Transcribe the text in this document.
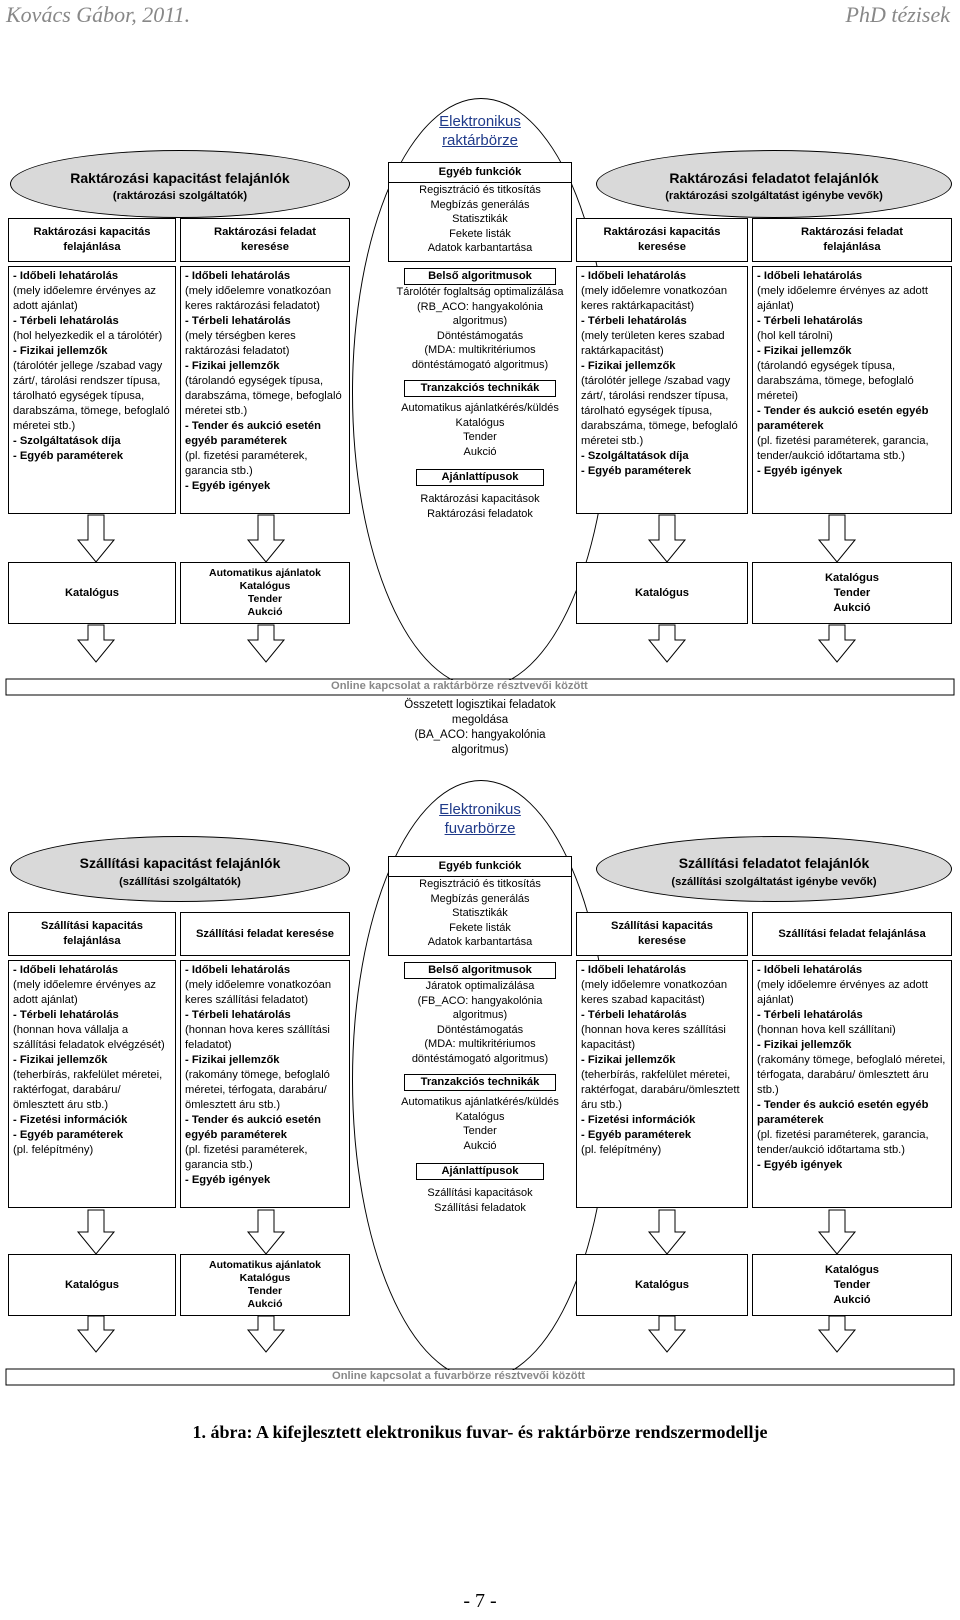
Kovács Gábor, 2011.	PhD tézisek
Elektronikus
raktárbörze
Raktározási kapacitást felajánlók
(raktározási szolgáltatók)
Raktározási feladatot felajánlók
(raktározási szolgáltatást igénybe vevők)
Raktározási kapacitás
felajánlása
Raktározási feladat
keresése
Raktározási kapacitás
keresése
Raktározási feladat
felajánlása
Egyéb funkciók
Regisztráció és titkosítás
Megbízás generálás
Statisztikák
Fekete listák
Adatok karbantartása
- Időbeli lehatárolás
(mely időelemre érvényes az adott ajánlat)
- Térbeli lehatárolás
(hol helyezkedik el a tárolótér)
- Fizikai jellemzők
(tárolótér jellege /szabad vagy zárt/, tárolási rendszer típusa, tárolható egységek típusa, darabszáma, tömege, befoglaló méretei stb.)
- Szolgáltatások díja
- Egyéb paraméterek
- Időbeli lehatárolás
(mely időelemre vonatkozóan keres raktározási feladatot)
- Térbeli lehatárolás
(mely térségben keres raktározási feladatot)
- Fizikai jellemzők
(tárolandó egységek típusa, darabszáma, tömege, befoglaló méretei stb.)
- Tender és aukció esetén egyéb paraméterek
(pl. fizetési paraméterek, garancia stb.)
- Egyéb igények
- Időbeli lehatárolás
(mely időelemre vonatkozóan keres raktárkapacitást)
- Térbeli lehatárolás
(mely területen keres szabad raktárkapacitást)
- Fizikai jellemzők
(tárolótér jellege /szabad vagy zárt/, tárolási rendszer típusa, tárolható egységek típusa, darabszáma, tömege, befoglaló méretei stb.)
- Szolgáltatások díja
- Egyéb paraméterek
- Időbeli lehatárolás
(mely időelemre érvényes az adott ajánlat)
- Térbeli lehatárolás
(hol kell tárolni)
- Fizikai jellemzők
(tárolandó egységek típusa, darabszáma, tömege, befoglaló méretei)
- Tender és aukció esetén egyéb paraméterek
(pl. fizetési paraméterek, garancia, tender/aukció időtartama stb.)
- Egyéb igények
Belső algoritmusok
Tárolótér foglaltság optimalizálása
(RB_ACO: hangyakolónia
algoritmus)
Döntéstámogatás
(MDA: multikritériumos
döntéstámogató algoritmus)
Tranzakciós technikák
Automatikus ajánlatkérés/küldés
Katalógus
Tender
Aukció
Ajánlattípusok
Raktározási kapacitások
Raktározási feladatok
Katalógus
Automatikus ajánlatok
Katalógus
Tender
Aukció
Katalógus
Katalógus
Tender
Aukció
Online kapcsolat a raktárbörze résztvevői között
Összetett logisztikai feladatok
megoldása
(BA_ACO: hangyakolónia
algoritmus)
Elektronikus
fuvarbörze
Szállítási kapacitást felajánlók
(szállítási szolgáltatók)
Szállítási feladatot felajánlók
(szállítási szolgáltatást igénybe vevők)
Szállítási kapacitás
felajánlása
Szállítási feladat keresése
Szállítási kapacitás
keresése
Szállítási feladat felajánlása
Egyéb funkciók
Regisztráció és titkosítás
Megbízás generálás
Statisztikák
Fekete listák
Adatok karbantartása
- Időbeli lehatárolás
(mely időelemre érvényes az adott ajánlat)
- Térbeli lehatárolás
(honnan hova vállalja a szállítási feladatok elvégzését)
- Fizikai jellemzők
(teherbírás, rakfelület méretei, raktérfogat, darabáru/ömlesztett áru stb.)
- Fizetési információk
- Egyéb paraméterek
(pl. felépítmény)
- Időbeli lehatárolás
(mely időelemre vonatkozóan keres szállítási feladatot)
- Térbeli lehatárolás
(honnan hova keres szállítási feladatot)
- Fizikai jellemzők
(rakomány tömege, befoglaló méretei, térfogata, darabáru/ ömlesztett áru stb.)
- Tender és aukció esetén egyéb paraméterek
(pl. fizetési paraméterek, garancia stb.)
- Egyéb igények
- Időbeli lehatárolás
(mely időelemre vonatkozóan keres szabad kapacitást)
- Térbeli lehatárolás
(honnan hova keres szállítási kapacitást)
- Fizikai jellemzők
(teherbírás, rakfelület méretei, raktérfogat, darabáru/ömlesztett áru stb.)
- Fizetési információk
- Egyéb paraméterek
(pl. felépítmény)
- Időbeli lehatárolás
(mely időelemre érvényes az adott ajánlat)
- Térbeli lehatárolás
(honnan hova kell szállítani)
- Fizikai jellemzők
(rakomány tömege, befoglaló méretei, térfogata, darabáru/ ömlesztett áru stb.)
- Tender és aukció esetén egyéb paraméterek
(pl. fizetési paraméterek, garancia, tender/aukció időtartama stb.)
- Egyéb igények
Belső algoritmusok
Járatok optimalizálása
(FB_ACO: hangyakolónia
algoritmus)
Döntéstámogatás
(MDA: multikritériumos
döntéstámogató algoritmus)
Tranzakciós technikák
Automatikus ajánlatkérés/küldés
Katalógus
Tender
Aukció
Ajánlattípusok
Szállítási kapacitások
Szállítási feladatok
Katalógus
Automatikus ajánlatok
Katalógus
Tender
Aukció
Katalógus
Katalógus
Tender
Aukció
Online kapcsolat a fuvarbörze résztvevői között
1. ábra: A kifejlesztett elektronikus fuvar- és raktárbörze rendszermodellje
- 7 -
